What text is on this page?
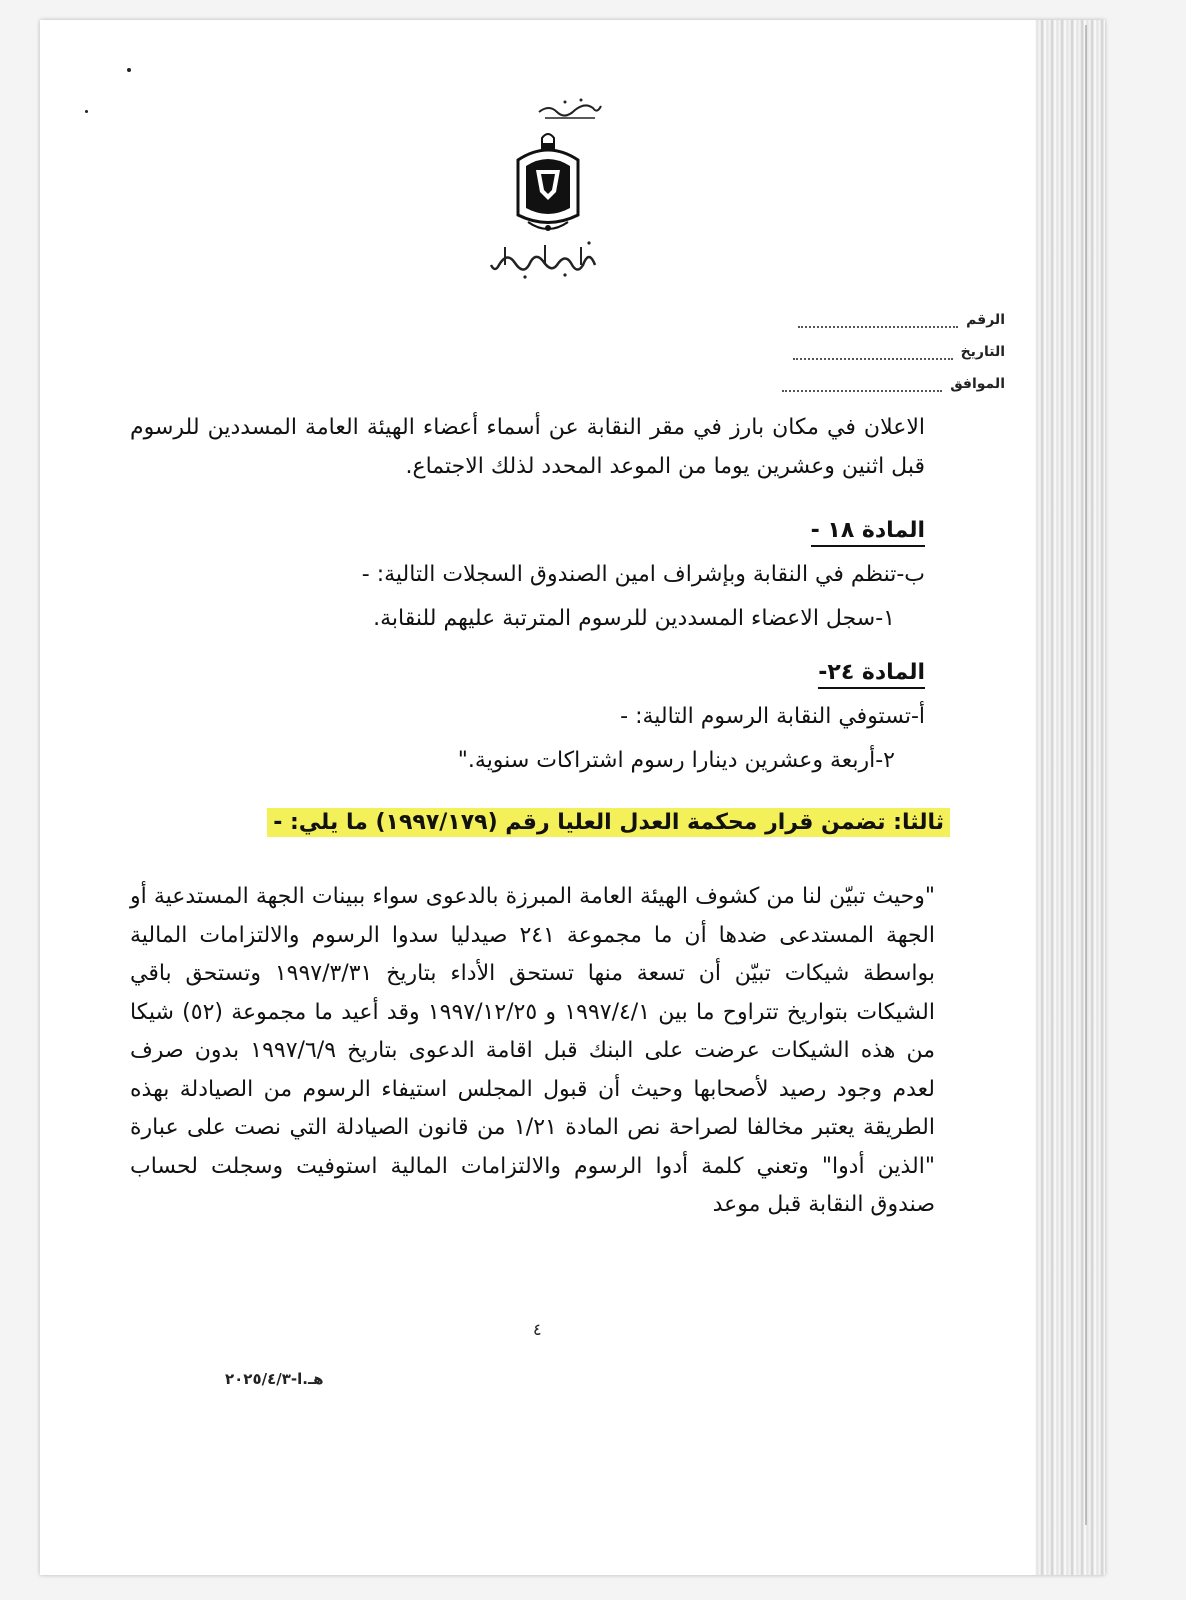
الرقم
التاريخ
الموافق
الاعلان في مكان بارز في مقر النقابة عن أسماء أعضاء الهيئة العامة المسددين للرسوم قبل اثنين وعشرين يوما من الموعد المحدد لذلك الاجتماع.
المادة ١٨ -
ب-تنظم في النقابة وبإشراف امين الصندوق السجلات التالية: -
١-سجل الاعضاء المسددين للرسوم المترتبة عليهم للنقابة.
المادة ٢٤-
أ-تستوفي النقابة الرسوم التالية: -
٢-أربعة وعشرين دينارا رسوم اشتراكات سنوية."
ثالثا: تضمن قرار محكمة العدل العليا رقم (١٩٩٧/١٧٩) ما يلي: -
"وحيث تبيّن لنا من كشوف الهيئة العامة المبرزة بالدعوى سواء ببينات الجهة المستدعية أو الجهة المستدعى ضدها أن ما مجموعة ٢٤١ صيدليا سدوا الرسوم والالتزامات المالية بواسطة شيكات تبيّن أن تسعة منها تستحق الأداء بتاريخ ١٩٩٧/٣/٣١ وتستحق باقي الشيكات بتواريخ تتراوح ما بين ١٩٩٧/٤/١ و ١٩٩٧/١٢/٢٥ وقد أعيد ما مجموعة (٥٢) شيكا من هذه الشيكات عرضت على البنك قبل اقامة الدعوى بتاريخ ١٩٩٧/٦/٩ بدون صرف لعدم وجود رصيد لأصحابها وحيث أن قبول المجلس استيفاء الرسوم من الصيادلة بهذه الطريقة يعتبر مخالفا لصراحة نص المادة ١/٢١ من قانون الصيادلة التي نصت على عبارة "الذين أدوا" وتعني كلمة أدوا الرسوم والالتزامات المالية استوفيت وسجلت لحساب صندوق النقابة قبل موعد
٤
هـ.ا-٢٠٢٥/٤/٣
